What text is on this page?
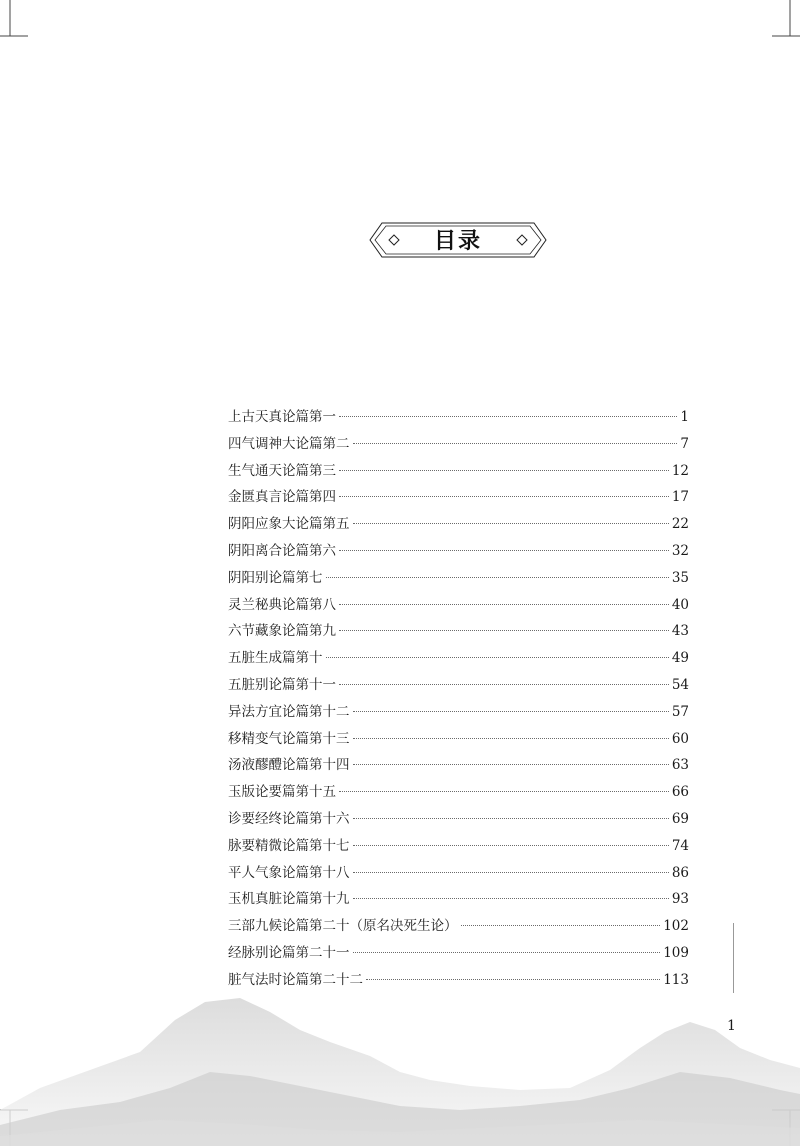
目录
上古天真论篇第一	1
四气调神大论篇第二	7
生气通天论篇第三	12
金匮真言论篇第四	17
阴阳应象大论篇第五	22
阴阳离合论篇第六	32
阴阳别论篇第七	35
灵兰秘典论篇第八	40
六节藏象论篇第九	43
五脏生成篇第十	49
五脏别论篇第十一	54
异法方宜论篇第十二	57
移精变气论篇第十三	60
汤液醪醴论篇第十四	63
玉版论要篇第十五	66
诊要经终论篇第十六	69
脉要精微论篇第十七	74
平人气象论篇第十八	86
玉机真脏论篇第十九	93
三部九候论篇第二十（原名决死生论）	102
经脉别论篇第二十一	109
脏气法时论篇第二十二	113
1
